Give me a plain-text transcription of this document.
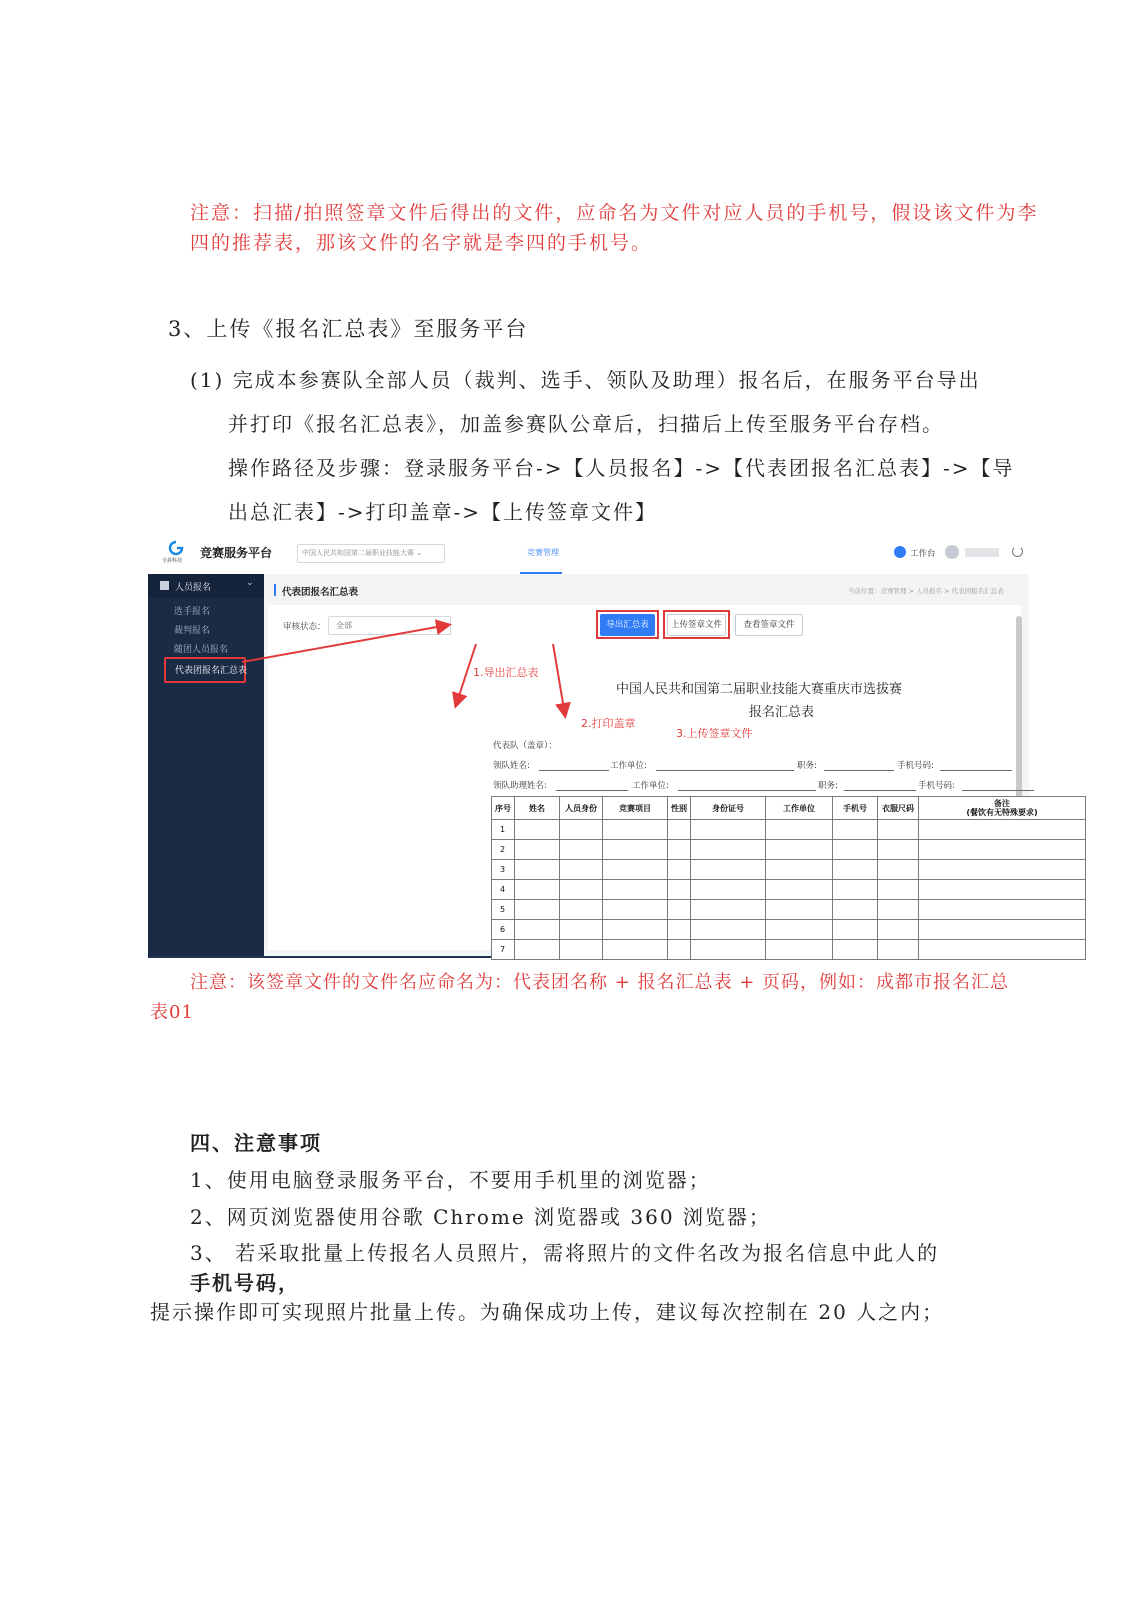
注意：扫描/拍照签章文件后得出的文件，应命名为文件对应人员的手机号，假设该文件为李
四的推荐表，那该文件的名字就是李四的手机号。
3、上传《报名汇总表》至服务平台
(1) 完成本参赛队全部人员（裁判、选手、领队及助理）报名后，在服务平台导出
并打印《报名汇总表》，加盖参赛队公章后，扫描后上传至服务平台存档。
操作路径及步骤：登录服务平台->【人员报名】->【代表团报名汇总表】->【导
出总汇表】->打印盖章->【上传签章文件】
全拼科技
竞赛服务平台	中国人民共和国第二届职业技能大赛 ⌄	竞赛管理	工作台
人员报名	⌄
选手报名
裁判报名
随团人员报名
代表团报名汇总表
代表团报名汇总表	当前位置：竞赛管理 > 人员报名 > 代表团报名汇总表
审核状态：	全部	导出汇总表	上传签章文件	查看签章文件
1.导出汇总表
2.打印盖章
3.上传签章文件
中国人民共和国第二届职业技能大赛重庆市选拔赛
报名汇总表
代表队（盖章）：
领队姓名:	工作单位:	职务:	手机号码:
领队助理姓名:	工作单位:	职务:	手机号码:
序号	姓名	人员身份	竞赛项目	性别	身份证号	工作单位	手机号	衣服尺码	备注
(餐饮有无特殊要求)
1									
2									
3									
4									
5									
6									
7									
注意：该签章文件的文件名应命名为：代表团名称 + 报名汇总表 + 页码，例如：成都市报名汇总
表01
四、注意事项
1、使用电脑登录服务平台，不要用手机里的浏览器；
2、网页浏览器使用谷歌 Chrome 浏览器或 360 浏览器；
3、 若采取批量上传报名人员照片，需将照片的文件名改为报名信息中此人的
手机号码，
提示操作即可实现照片批量上传。为确保成功上传，建议每次控制在 20 人之内；
